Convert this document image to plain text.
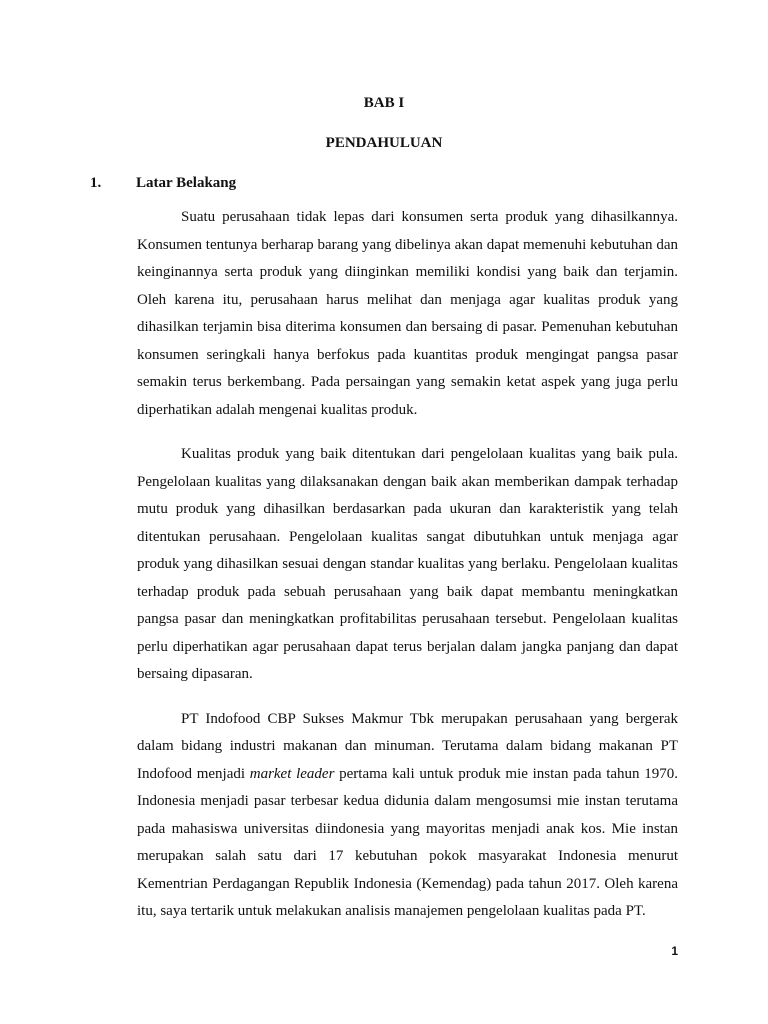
BAB I
PENDAHULUAN
1. Latar Belakang

Suatu perusahaan tidak lepas dari konsumen serta produk yang dihasilkannya. Konsumen tentunya berharap barang yang dibelinya akan dapat memenuhi kebutuhan dan keinginannya serta produk yang diinginkan memiliki kondisi yang baik dan terjamin. Oleh karena itu, perusahaan harus melihat dan menjaga agar kualitas produk yang dihasilkan terjamin bisa diterima konsumen dan bersaing di pasar. Pemenuhan kebutuhan konsumen seringkali hanya berfokus pada kuantitas produk mengingat pangsa pasar semakin terus berkembang. Pada persaingan yang semakin ketat aspek yang juga perlu diperhatikan adalah mengenai kualitas produk.

Kualitas produk yang baik ditentukan dari pengelolaan kualitas yang baik pula. Pengelolaan kualitas yang dilaksanakan dengan baik akan memberikan dampak terhadap mutu produk yang dihasilkan berdasarkan pada ukuran dan karakteristik yang telah ditentukan perusahaan. Pengelolaan kualitas sangat dibutuhkan untuk menjaga agar produk yang dihasilkan sesuai dengan standar kualitas yang berlaku. Pengelolaan kualitas terhadap produk pada sebuah perusahaan yang baik dapat membantu meningkatkan pangsa pasar dan meningkatkan profitabilitas perusahaan tersebut. Pengelolaan kualitas perlu diperhatikan agar perusahaan dapat terus berjalan dalam jangka panjang dan dapat bersaing dipasaran.

PT Indofood CBP Sukses Makmur Tbk merupakan perusahaan yang bergerak dalam bidang industri makanan dan minuman. Terutama dalam bidang makanan PT Indofood menjadi market leader pertama kali untuk produk mie instan pada tahun 1970. Indonesia menjadi pasar terbesar kedua didunia dalam mengosumsi mie instan terutama pada mahasiswa universitas diindonesia yang mayoritas menjadi anak kos. Mie instan merupakan salah satu dari 17 kebutuhan pokok masyarakat Indonesia menurut Kementrian Perdagangan Republik Indonesia (Kemendag) pada tahun 2017. Oleh karena itu, saya tertarik untuk melakukan analisis manajemen pengelolaan kualitas pada PT.

1
